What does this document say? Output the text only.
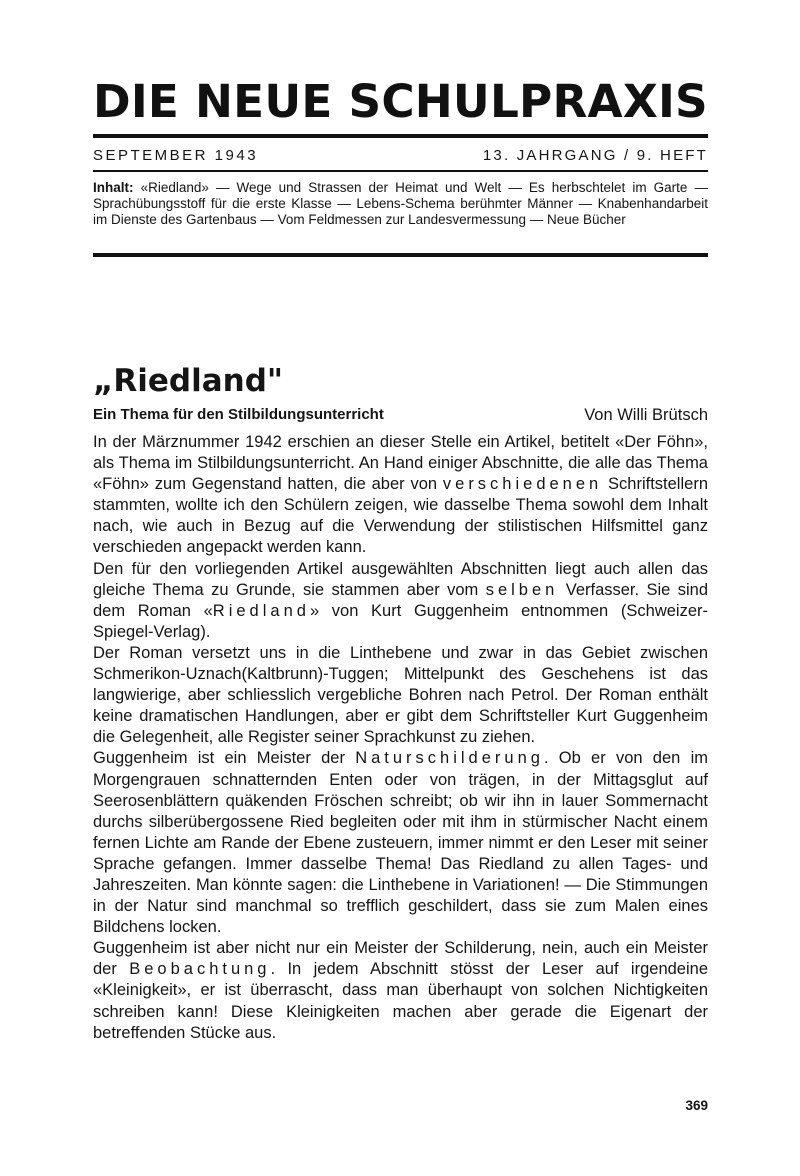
DIE NEUE SCHULPRAXIS
SEPTEMBER 1943	13. JAHRGANG / 9. HEFT
Inhalt: «Riedland» — Wege und Strassen der Heimat und Welt — Es herbschtelet im Garte — Sprachübungsstoff für die erste Klasse — Lebens-Schema berühmter Männer — Knabenhandarbeit im Dienste des Gartenbaus — Vom Feldmessen zur Landesvermessung — Neue Bücher
„Riedland"
Ein Thema für den Stilbildungsunterricht	Von Willi Brütsch

In der Märznummer 1942 erschien an dieser Stelle ein Artikel, betitelt «Der Föhn», als Thema im Stilbildungsunterricht. An Hand einiger Abschnitte, die alle das Thema «Föhn» zum Gegenstand hatten, die aber von verschiedenen Schriftstellern stammten, wollte ich den Schülern zeigen, wie dasselbe Thema sowohl dem Inhalt nach, wie auch in Bezug auf die Verwendung der stilistischen Hilfsmittel ganz verschieden angepackt werden kann.

Den für den vorliegenden Artikel ausgewählten Abschnitten liegt auch allen das gleiche Thema zu Grunde, sie stammen aber vom selben Verfasser. Sie sind dem Roman «Riedland» von Kurt Guggenheim entnommen (Schweizer-Spiegel-Verlag).

Der Roman versetzt uns in die Linthebene und zwar in das Gebiet zwischen Schmerikon-Uznach(Kaltbrunn)-Tuggen; Mittelpunkt des Geschehens ist das langwierige, aber schliesslich vergebliche Bohren nach Petrol. Der Roman enthält keine dramatischen Handlungen, aber er gibt dem Schriftsteller Kurt Guggenheim die Gelegenheit, alle Register seiner Sprachkunst zu ziehen.

Guggenheim ist ein Meister der Naturschilderung. Ob er von den im Morgengrauen schnatternden Enten oder von trägen, in der Mittagsglut auf Seerosenblättern quäkenden Fröschen schreibt; ob wir ihn in lauer Sommernacht durchs silberübergossene Ried begleiten oder mit ihm in stürmischer Nacht einem fernen Lichte am Rande der Ebene zusteuern, immer nimmt er den Leser mit seiner Sprache gefangen. Immer dasselbe Thema! Das Riedland zu allen Tages- und Jahreszeiten. Man könnte sagen: die Linthebene in Variationen! — Die Stimmungen in der Natur sind manchmal so trefflich geschildert, dass sie zum Malen eines Bildchens locken.

Guggenheim ist aber nicht nur ein Meister der Schilderung, nein, auch ein Meister der Beobachtung. In jedem Abschnitt stösst der Leser auf irgendeine «Kleinigkeit», er ist überrascht, dass man überhaupt von solchen Nichtigkeiten schreiben kann! Diese Kleinigkeiten machen aber gerade die Eigenart der betreffenden Stücke aus.

369
